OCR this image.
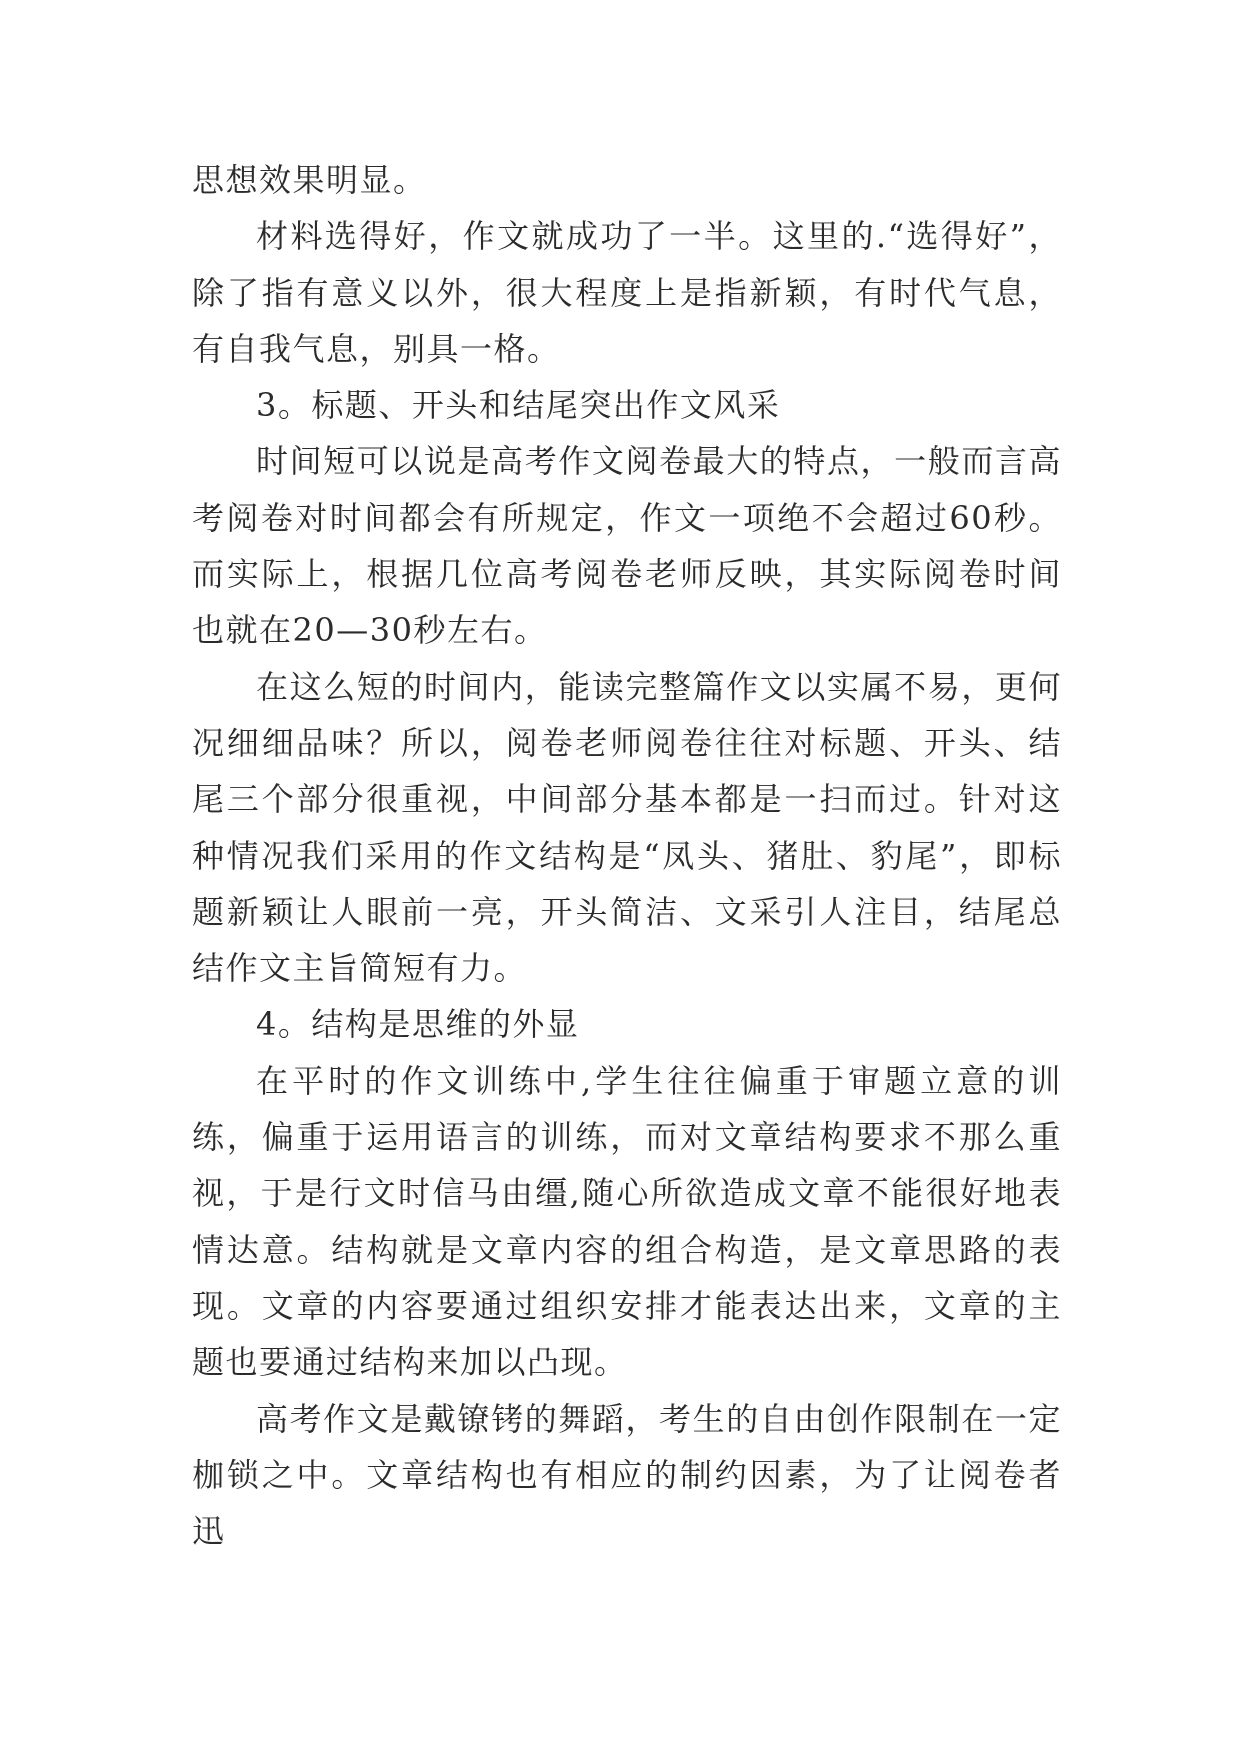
思想效果明显。

材料选得好，作文就成功了一半。这里的.“选得好”，除了指有意义以外，很大程度上是指新颖，有时代气息，有自我气息，别具一格。

3。标题、开头和结尾突出作文风采

时间短可以说是高考作文阅卷最大的特点，一般而言高考阅卷对时间都会有所规定，作文一项绝不会超过60秒。而实际上，根据几位高考阅卷老师反映，其实际阅卷时间也就在20—30秒左右。

在这么短的时间内，能读完整篇作文以实属不易，更何况细细品味？所以，阅卷老师阅卷往往对标题、开头、结尾三个部分很重视，中间部分基本都是一扫而过。针对这种情况我们采用的作文结构是“凤头、猪肚、豹尾”，即标题新颖让人眼前一亮，开头简洁、文采引人注目，结尾总结作文主旨简短有力。

4。结构是思维的外显

在平时的作文训练中,学生往往偏重于审题立意的训练，偏重于运用语言的训练，而对文章结构要求不那么重视，于是行文时信马由缰,随心所欲造成文章不能很好地表情达意。结构就是文章内容的组合构造，是文章思路的表现。文章的内容要通过组织安排才能表达出来，文章的主题也要通过结构来加以凸现。

高考作文是戴镣铐的舞蹈，考生的自由创作限制在一定枷锁之中。文章结构也有相应的制约因素，为了让阅卷者迅
